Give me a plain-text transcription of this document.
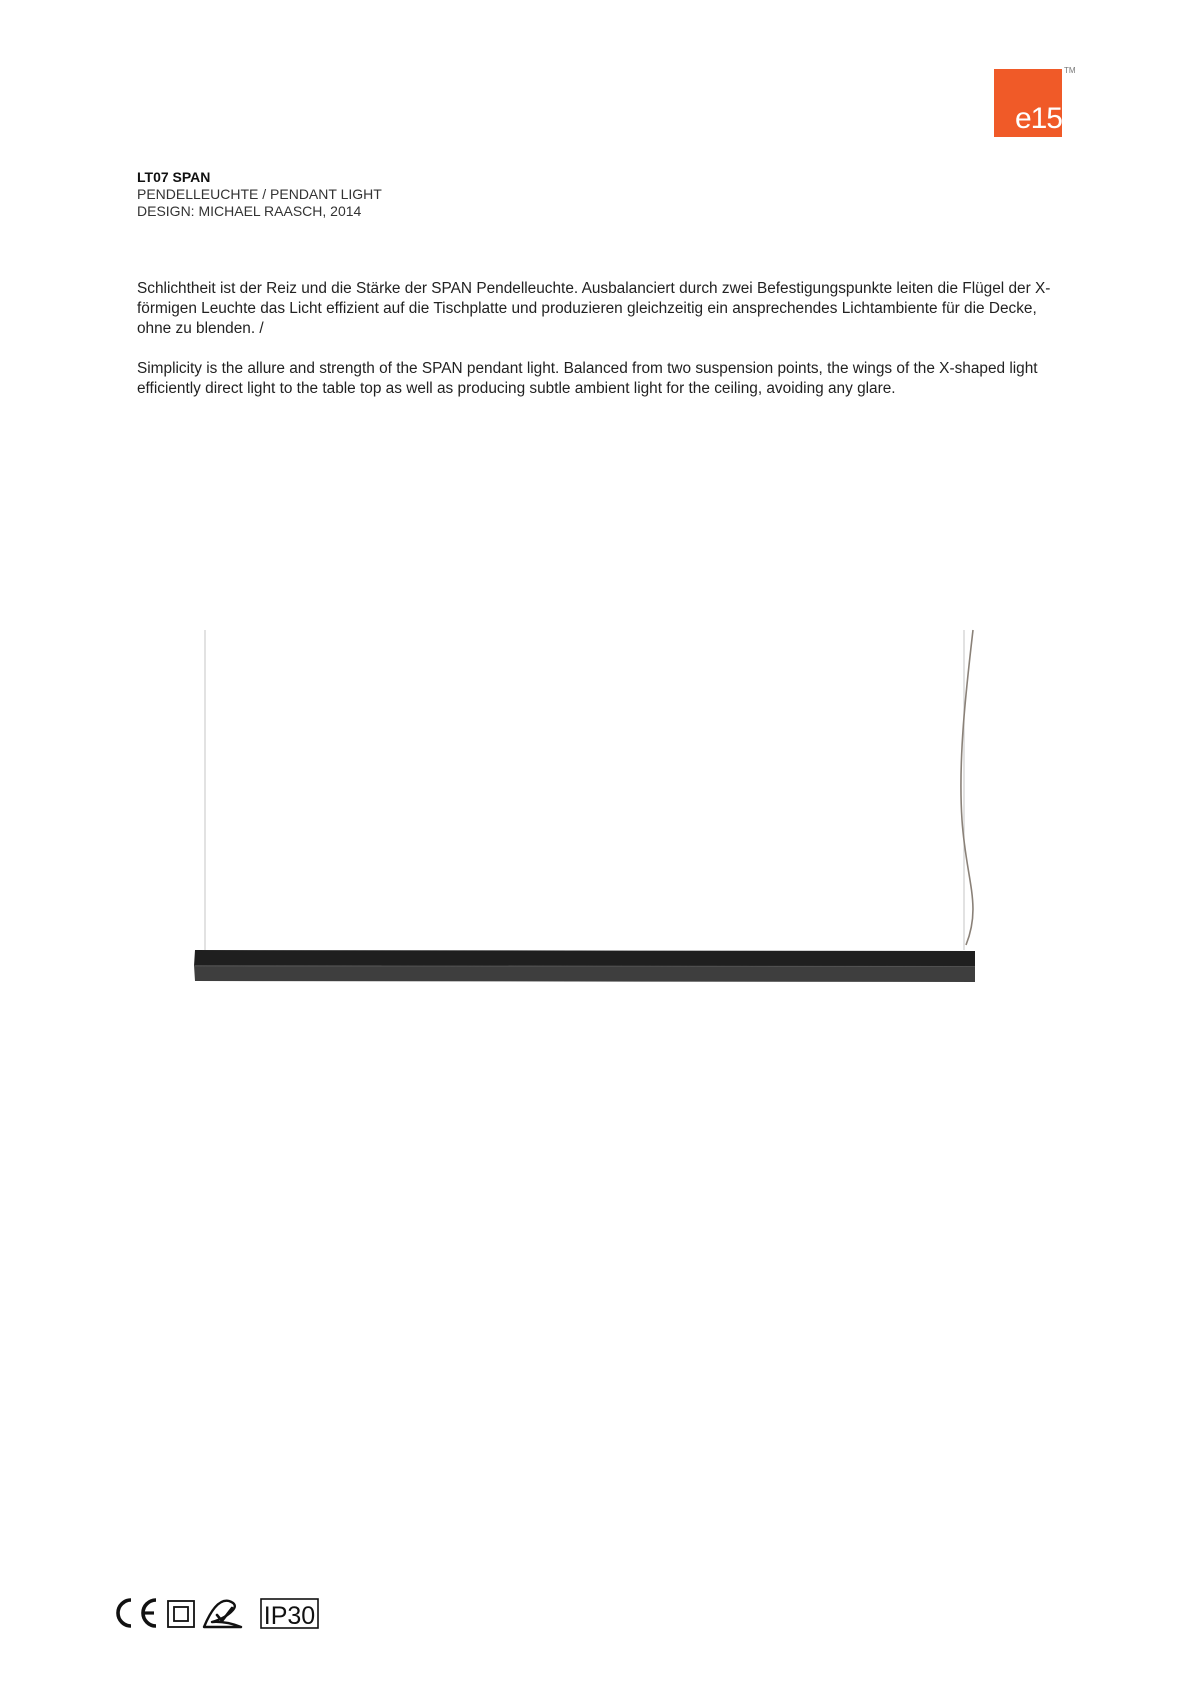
e15
TM
LT07 SPAN
PENDELLEUCHTE / PENDANT LIGHT
DESIGN: MICHAEL RAASCH, 2014

Schlichtheit ist der Reiz und die Stärke der SPAN Pendelleuchte. Ausbalanciert durch zwei Befestigungspunkte leiten die Flügel der X-förmigen Leuchte das Licht effizient auf die Tischplatte und produzieren gleichzeitig ein ansprechendes Lichtambiente für die Decke, ohne zu blenden. /

Simplicity is the allure and strength of the SPAN pendant light. Balanced from two suspension points, the wings of the X-shaped light efficiently direct light to the table top as well as producing subtle ambient light for the ceiling, avoiding any glare.

IP30
